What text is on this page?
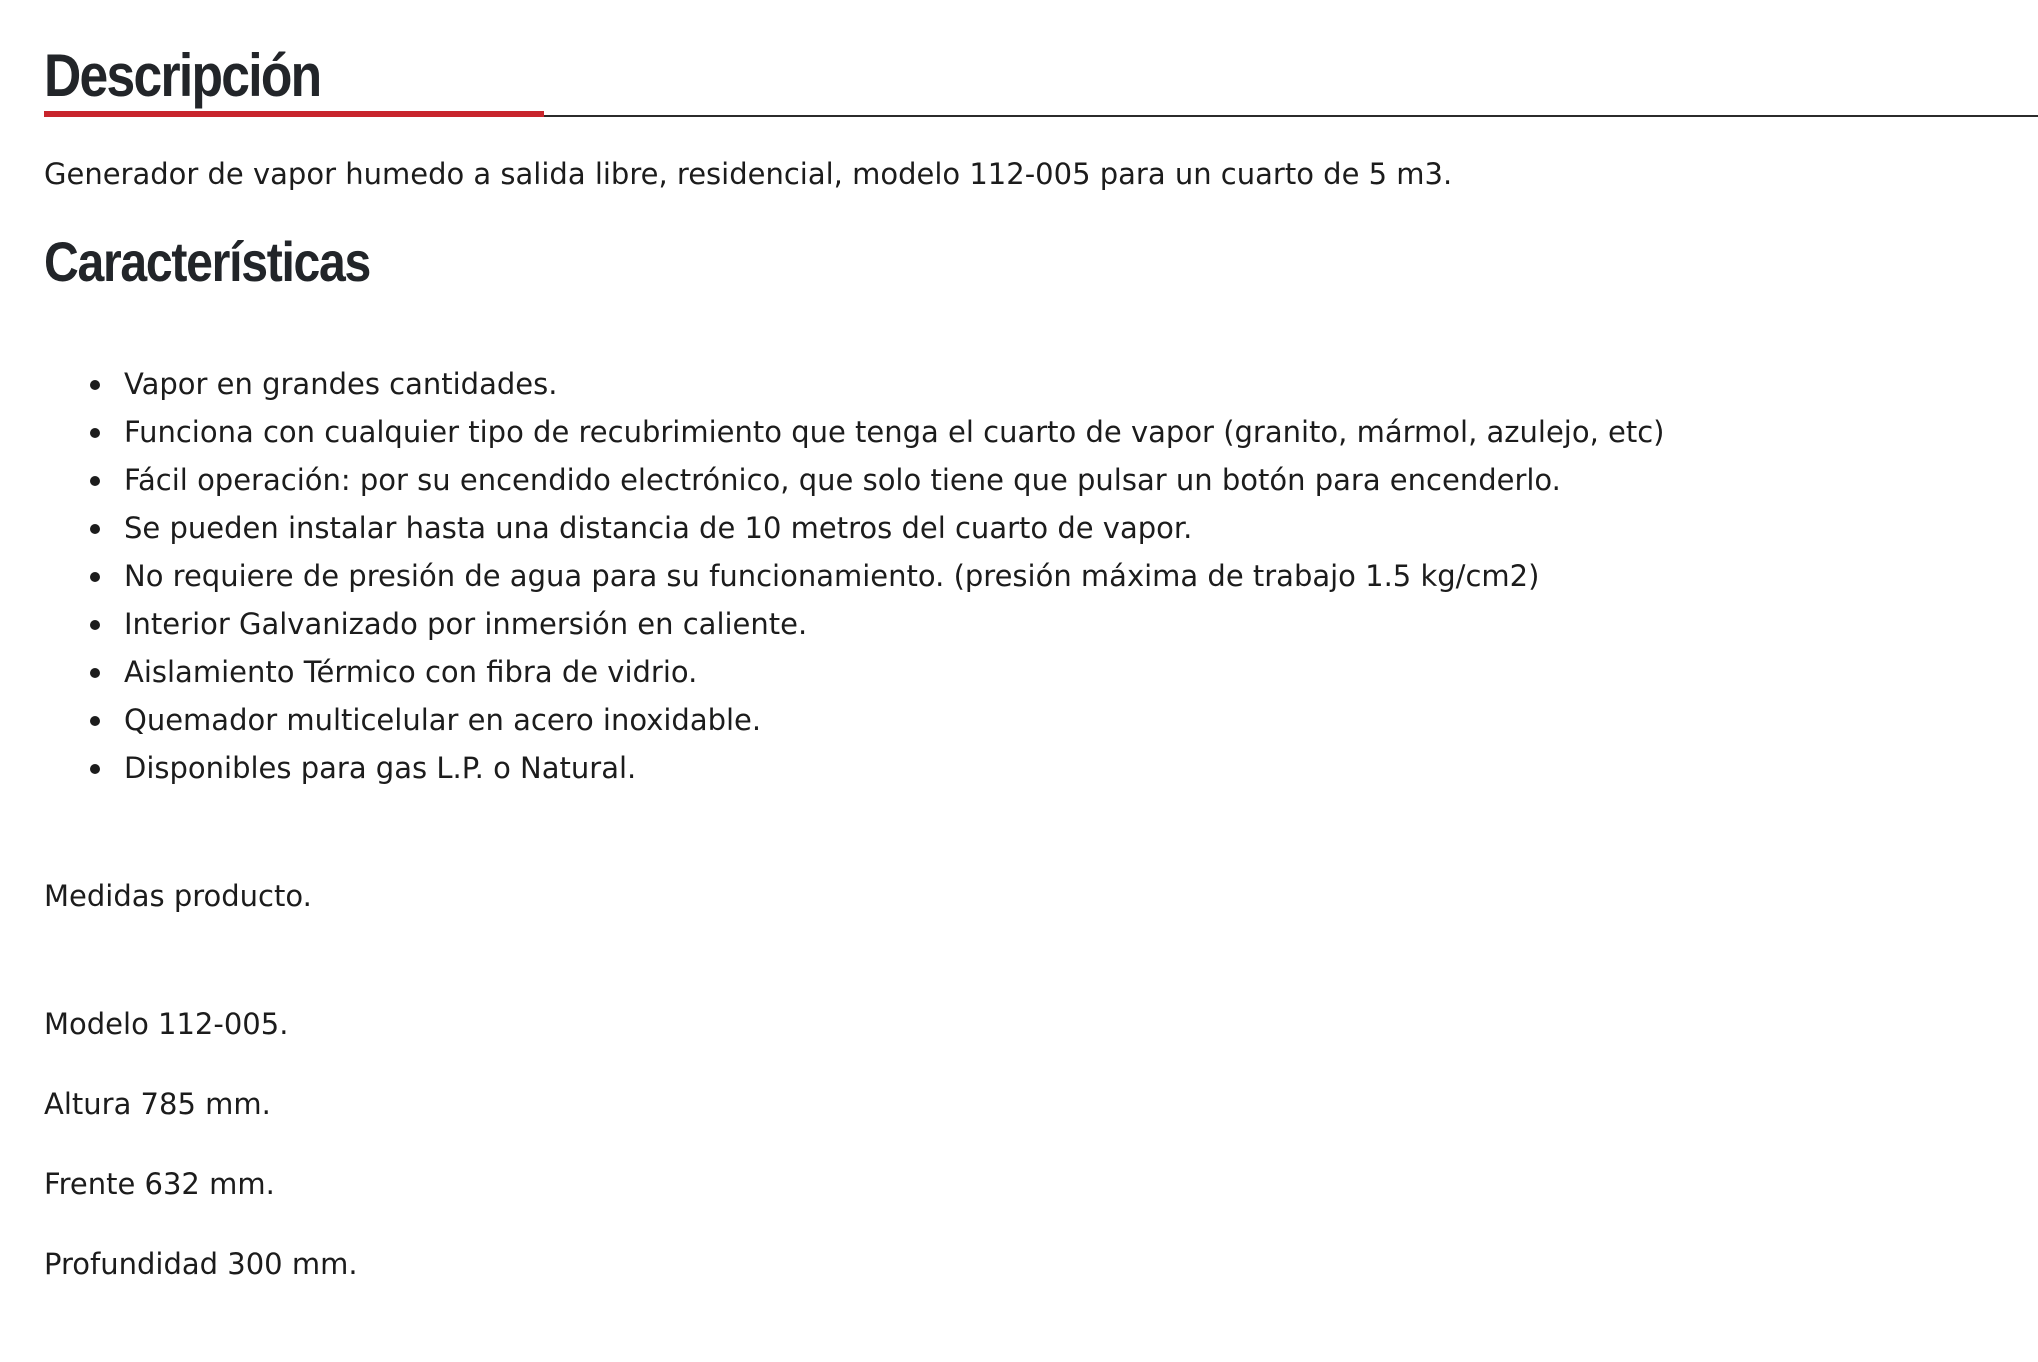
Descripción

Generador de vapor humedo a salida libre, residencial, modelo 112-005 para un cuarto de 5 m3.

Características
Vapor en grandes cantidades.
Funciona con cualquier tipo de recubrimiento que tenga el cuarto de vapor (granito, mármol, azulejo, etc)
Fácil operación: por su encendido electrónico, que solo tiene que pulsar un botón para encenderlo.
Se pueden instalar hasta una distancia de 10 metros del cuarto de vapor.
No requiere de presión de agua para su funcionamiento. (presión máxima de trabajo 1.5 kg/cm2)
Interior Galvanizado por inmersión en caliente.
Aislamiento Térmico con fibra de vidrio.
Quemador multicelular en acero inoxidable.
Disponibles para gas L.P. o Natural.

Medidas producto.

Modelo 112-005.

Altura 785 mm.

Frente 632 mm.

Profundidad 300 mm.
